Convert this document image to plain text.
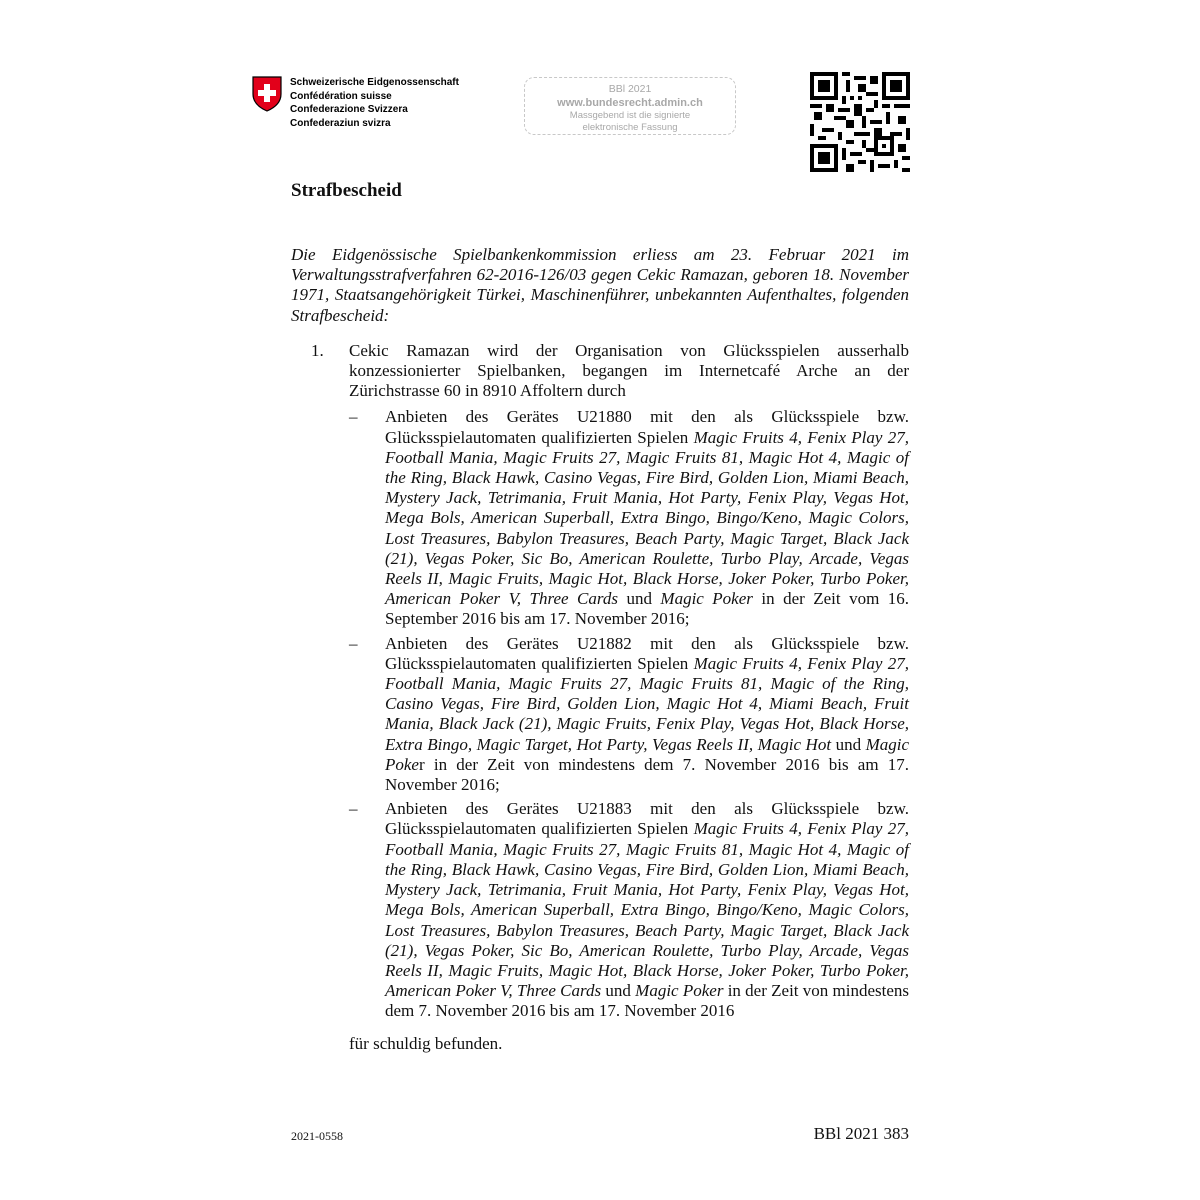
Schweizerische Eidgenossenschaft
Confédération suisse
Confederazione Svizzera
Confederaziun svizra
BBl 2021
www.bundesrecht.admin.ch
Massgebend ist die signierte
elektronische Fassung
Strafbescheid

Die Eidgenössische Spielbankenkommission erliess am 23. Februar 2021 im Verwaltungsstrafverfahren 62-2016-126/03 gegen Cekic Ramazan, geboren 18. November 1971, Staatsangehörigkeit Türkei, Maschinenführer, unbekannten Aufenthaltes, folgenden Strafbescheid:

1.	Cekic Ramazan wird der Organisation von Glücksspielen ausserhalb konzessionierter Spielbanken, begangen im Internetcafé Arche an der Zürichstrasse 60 in 8910 Affoltern durch

–	Anbieten des Gerätes U21880 mit den als Glücksspiele bzw. Glücksspielautomaten qualifizierten Spielen Magic Fruits 4, Fenix Play 27, Football Mania, Magic Fruits 27, Magic Fruits 81, Magic Hot 4, Magic of the Ring, Black Hawk, Casino Vegas, Fire Bird, Golden Lion, Miami Beach, Mystery Jack, Tetrimania, Fruit Mania, Hot Party, Fenix Play, Vegas Hot, Mega Bols, American Superball, Extra Bingo, Bingo/Keno, Magic Colors, Lost Treasures, Babylon Treasures, Beach Party, Magic Target, Black Jack (21), Vegas Poker, Sic Bo, American Roulette, Turbo Play, Arcade, Vegas Reels II, Magic Fruits, Magic Hot, Black Horse, Joker Poker, Turbo Poker, American Poker V, Three Cards und Magic Poker in der Zeit vom 16. September 2016 bis am 17. November 2016;
–	Anbieten des Gerätes U21882 mit den als Glücksspiele bzw. Glücksspielautomaten qualifizierten Spielen Magic Fruits 4, Fenix Play 27, Football Mania, Magic Fruits 27, Magic Fruits 81, Magic of the Ring, Casino Vegas, Fire Bird, Golden Lion, Magic Hot 4, Miami Beach, Fruit Mania, Black Jack (21), Magic Fruits, Fenix Play, Vegas Hot, Black Horse, Extra Bingo, Magic Target, Hot Party, Vegas Reels II, Magic Hot und Magic Poker in der Zeit von mindestens dem 7. November 2016 bis am 17. November 2016;
–	Anbieten des Gerätes U21883 mit den als Glücksspiele bzw. Glücksspielautomaten qualifizierten Spielen Magic Fruits 4, Fenix Play 27, Football Mania, Magic Fruits 27, Magic Fruits 81, Magic Hot 4, Magic of the Ring, Black Hawk, Casino Vegas, Fire Bird, Golden Lion, Miami Beach, Mystery Jack, Tetrimania, Fruit Mania, Hot Party, Fenix Play, Vegas Hot, Mega Bols, American Superball, Extra Bingo, Bingo/Keno, Magic Colors, Lost Treasures, Babylon Treasures, Beach Party, Magic Target, Black Jack (21), Vegas Poker, Sic Bo, American Roulette, Turbo Play, Arcade, Vegas Reels II, Magic Fruits, Magic Hot, Black Horse, Joker Poker, Turbo Poker, American Poker V, Three Cards und Magic Poker in der Zeit von mindestens dem 7. November 2016 bis am 17. November 2016

für schuldig befunden.

2021-0558	BBl 2021 383
